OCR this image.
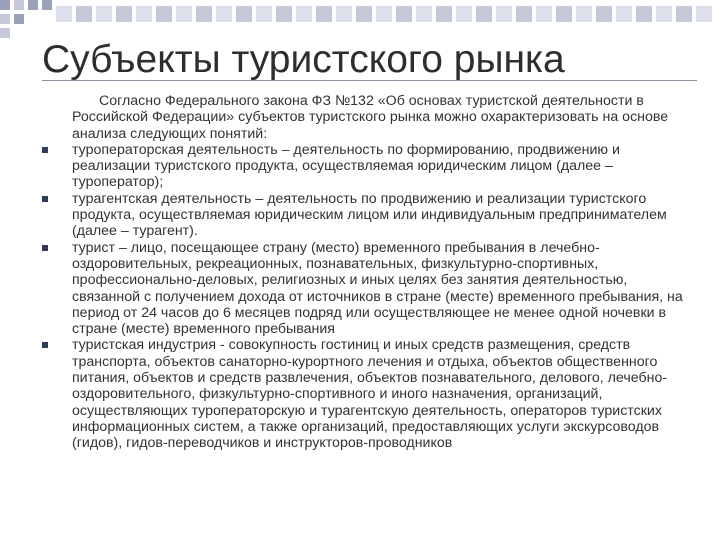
Субъекты туристского рынка

Согласно Федерального закона ФЗ №132 «Об основах туристской деятельности в Российской Федерации» субъектов туристского рынка можно охарактеризовать на основе анализа следующих понятий:

туроператорская деятельность – деятельность по формированию, продвижению и реализации туристского продукта, осуществляемая юридическим лицом (далее – туроператор);
турагентская деятельность – деятельность по продвижению и реализации туристского продукта, осуществляемая юридическим лицом или индивидуальным предпринимателем (далее – турагент).
турист – лицо, посещающее страну (место) временного пребывания в лечебно-оздоровительных, рекреационных, познавательных, физкультурно-спортивных, профессионально-деловых, религиозных и иных целях без занятия деятельностью, связанной с получением дохода от источников в стране (месте) временного пребывания, на период от 24 часов до 6 месяцев подряд или осуществляющее не менее одной ночевки в стране (месте) временного пребывания
туристская индустрия - совокупность гостиниц и иных средств размещения, средств транспорта, объектов санаторно-курортного лечения и отдыха, объектов общественного питания, объектов и средств развлечения, объектов познавательного, делового, лечебно-оздоровительного, физкультурно-спортивного и иного назначения, организаций, осуществляющих туроператорскую и турагентскую деятельность, операторов туристских информационных систем, а также организаций, предоставляющих услуги экскурсоводов (гидов), гидов-переводчиков и инструкторов-проводников
